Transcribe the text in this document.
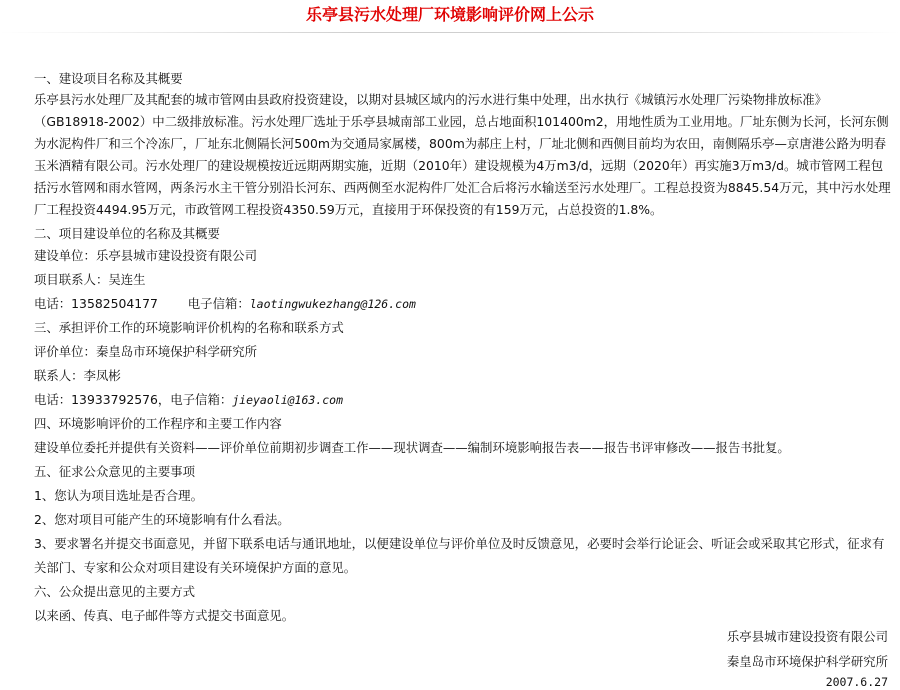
乐亭县污水处理厂环境影响评价网上公示
一、建设项目名称及其概要

乐亭县污水处理厂及其配套的城市管网由县政府投资建设，以期对县城区域内的污水进行集中处理，出水执行《城镇污水处理厂污染物排放标准》（GB18918-2002）中二级排放标准。污水处理厂选址于乐亭县城南部工业园，总占地面积101400m2，用地性质为工业用地。厂址东侧为长河，长河东侧为水泥构件厂和三个冷冻厂，厂址东北侧隔长河500m为交通局家属楼，800m为郝庄上村，厂址北侧和西侧目前均为农田，南侧隔乐亭—京唐港公路为明春玉米酒精有限公司。污水处理厂的建设规模按近远期两期实施，近期（2010年）建设规模为4万m3/d，远期（2020年）再实施3万m3/d。城市管网工程包括污水管网和雨水管网，两条污水主干管分别沿长河东、西两侧至水泥构件厂处汇合后将污水输送至污水处理厂。工程总投资为8845.54万元，其中污水处理厂工程投资4494.95万元，市政管网工程投资4350.59万元，直接用于环保投资的有159万元，占总投资的1.8%。

二、项目建设单位的名称及其概要
建设单位：乐亭县城市建设投资有限公司
项目联系人：吴连生
电话：13582504177 电子信箱：laotingwukezhang@126.com
三、承担评价工作的环境影响评价机构的名称和联系方式
评价单位：秦皇岛市环境保护科学研究所
联系人：李凤彬
电话：13933792576，电子信箱：jieyaoli@163.com
四、环境影响评价的工作程序和主要工作内容
建设单位委托并提供有关资料——评价单位前期初步调查工作——现状调查——编制环境影响报告表——报告书评审修改——报告书批复。
五、征求公众意见的主要事项
1、您认为项目选址是否合理。
2、您对项目可能产生的环境影响有什么看法。

3、要求署名并提交书面意见，并留下联系电话与通讯地址，以便建设单位与评价单位及时反馈意见，必要时会举行论证会、听证会或采取其它形式，征求有关部门、专家和公众对项目建设有关环境保护方面的意见。

六、公众提出意见的主要方式
以来函、传真、电子邮件等方式提交书面意见。
乐亭县城市建设投资有限公司
秦皇岛市环境保护科学研究所
2007.6.27
